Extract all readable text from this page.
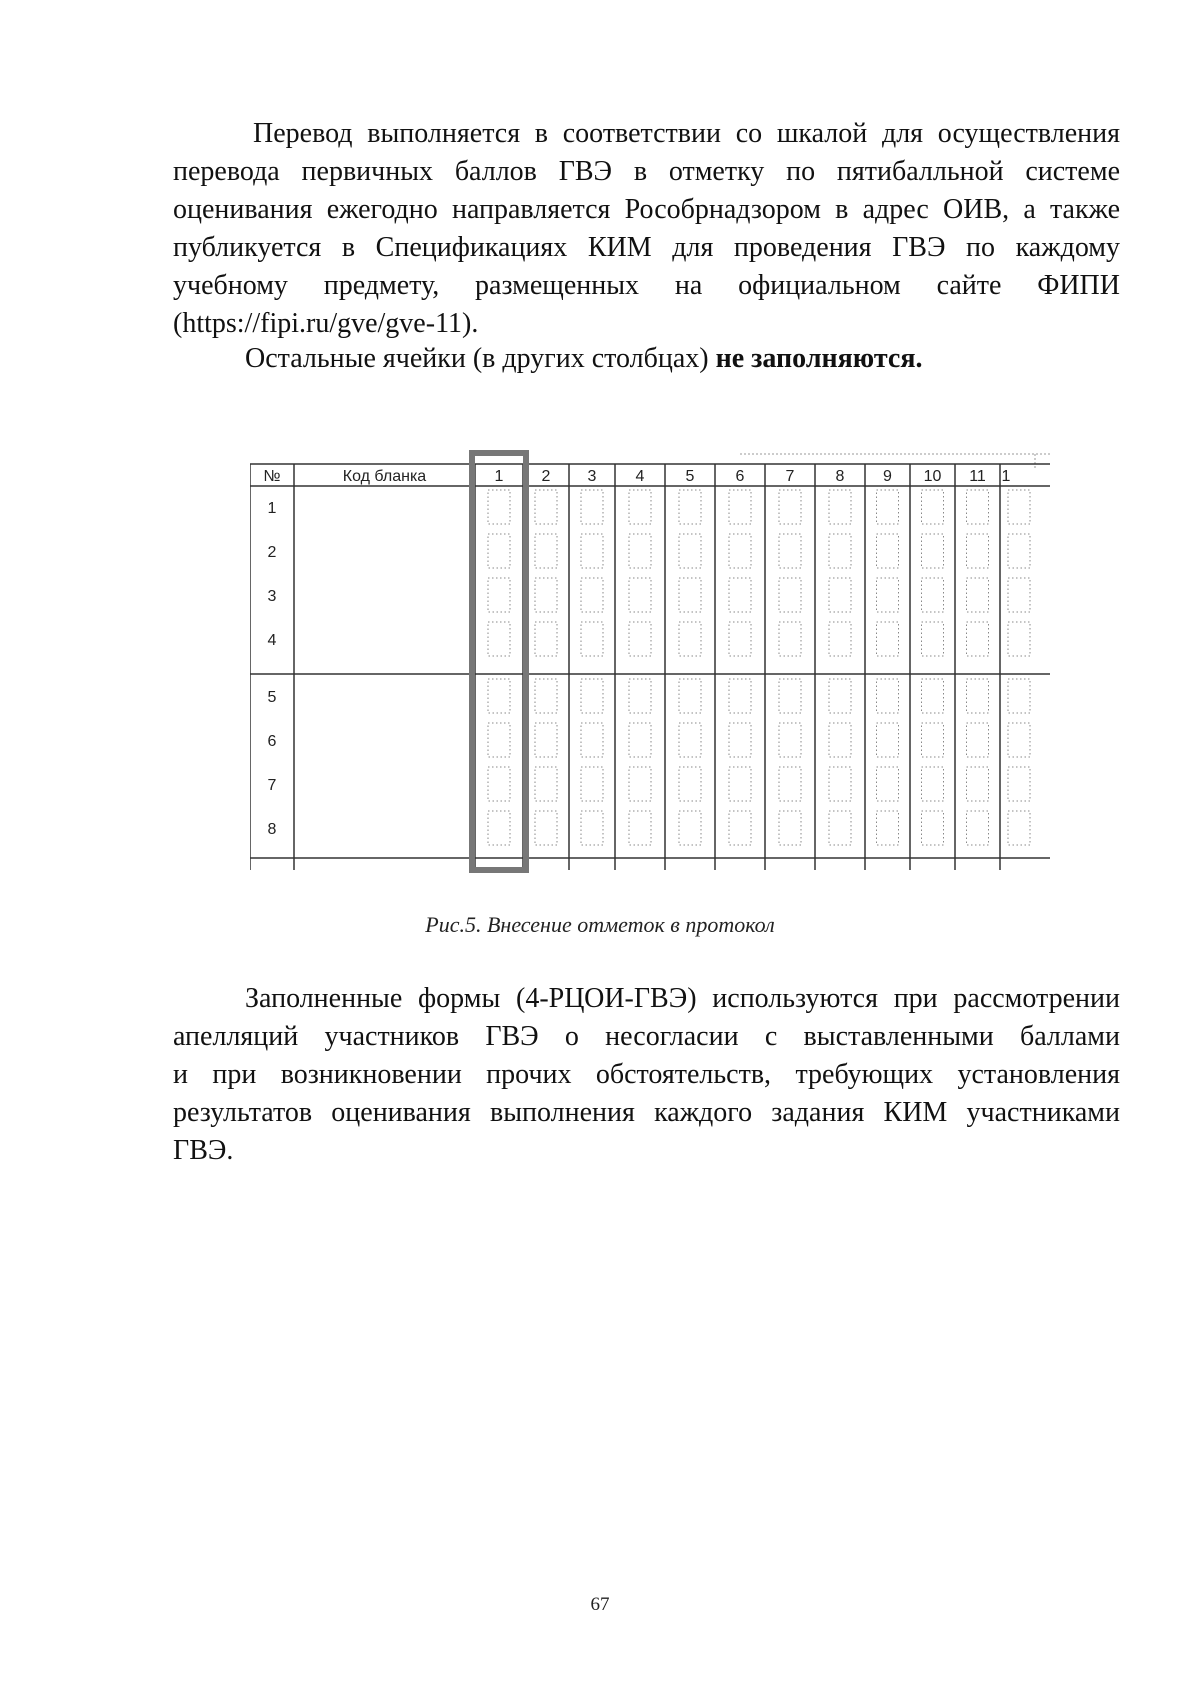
Перевод выполняется в соответствии со шкалой для осуществления
перевода первичных баллов ГВЭ в отметку по пятибалльной системе
оценивания ежегодно направляется Рособрнадзором в адрес ОИВ, а также
публикуется в Спецификациях КИМ для проведения ГВЭ по каждому
учебному предмету, размещенных на официальном сайте ФИПИ
(https://fipi.ru/gve/gve-11).

Остальные ячейки (в других столбцах) не заполняются.

№	Код бланка	1 2 3 4	5	6	7	8 9 10 11 1
1
2
3
4
5
6
7
8
Рис.5. Внесение отметок в протокол

Заполненные формы (4-РЦОИ-ГВЭ) используются при рассмотрении
апелляций участников ГВЭ о несогласии с выставленными баллами
и при возникновении прочих обстоятельств, требующих установления
результатов оценивания выполнения каждого задания КИМ участниками
ГВЭ.

67
